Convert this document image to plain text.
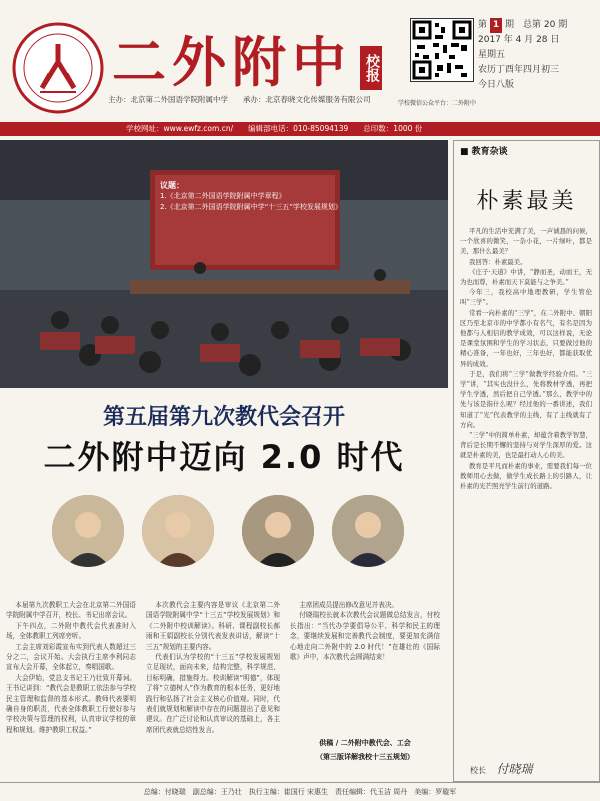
二外附中 校报
学校微信公众平台：二外附中
第 1 期　总第 20 期
2017 年 4 月 28 日
星期五
农历丁酉年四月初三
今日八版
主办：北京第二外国语学院附属中学　　承办：北京春晓文化传媒服务有限公司
学校网址：www.ewfz.com.cn/　　编辑部电话：010-85094139　　总印数：1000 份
议题：
1.《北京第二外国语学院附属中学章程》
2.《北京第二外国语学院附属中学“十三五”学校发展规划》
第五届第九次教代会召开
二外附中迈向 2.0 时代

本届第九次教职工大会在北京第二外国语学院附属中学召开，校长、书记出席会议。

下午四点，二外附中教代会代表准时入场，全体教职工列席旁听。

工会主席刘彩霞宣布实到代表人数超过三分之二，会议开始。大会执行主席李利同志宣布大会开幕，全体起立，奏唱国歌。

大会伊始，党总支书记王乃壮致开幕词。王书记讲到：“教代会是教职工依法参与学校民主管理和监督的基本形式。教师代表要明确自身的职责，代表全体教职工行使好参与学校决策与管理的权利，认真审议学校的章程和规划。维护教职工权益。”

本次教代会主要内容是审议《北京第二外国语学院附属中学“十三五”学校发展规划》和《二外附中校训解读》。科研、课程副校长郝雨和王娟副校长分别代表发表讲话，解读“十三五”规划的主要内容。

代表们认为学校的“十三五”学校发展规划立足现状，面向未来，结构完整，科学规范，目标明确，措施得力。校训解读“明德”，体现了将“立德树人”作为教育的根本任务，更好地践行和弘扬了社会主义核心价值观。同时，代表们就规划和解读中存在的问题提出了意见和建议。在广泛讨论和认真审议的基础上，各主席团代表就总结性发言。

主席团成员提出修改意见并表决。

付晓瑞校长就本次教代会议题做总结发言，付校长指出：“当代办学要倡导公平、科学和民主的理念，要继续发展和完善教代会制度，要更加充满信心地走向二外附中的 2.0 时代！”在雄壮的《国际歌》声中，本次教代会圆满结束！

供稿 / 二外附中教代会、工会
（第三版详解我校十三五规划）
■ 教育杂谈
朴素最美

平凡的生活中充满了美，一声诚恳的问候，一个欣喜的微笑，一杂小花，一片绿叶，都是美，那什么最美？

我回答：朴素最美。

《庄子·天道》中讲，“静而圣，动而王，无为也而尊，朴素而天下莫能与之争美。”

今年三，我校高中地理教研，学生管伦叫“三学”。

常看一向朴素的“三学”，在二外附中、朝阳区乃至北京市的中学都小有名气，有名是因为他都与人相信的教学成效，可以这样说，无论是课堂氛围和学生的学习状态，只要做过他的精心准备，一年也好，三年也好，都能获取优异的成效。

于是，我们将“三学”做教学经验介绍。“三学”讲，“其实也没什么，先将教材学透，再把学生学透，然后把自己学透。”那么，教学中的先与该是指什么呢？经过他的一番讲述，我们知道了“光”代表教学的主线，有了主线就有了方向。

“三学”中的简单朴素，却蕴含着教学智慧，背后是长期不懈的坚持与对学生深厚的爱。这就是朴素的美，也是最打动人心的美。

教育是平凡而朴素的事业，需要我们每一位教师用心去做，做学生成长路上的引路人，让朴素的光芒照亮学生前行的道路。

校长 付晓瑞
总编：付晓瑞　副总编：王乃壮　执行主编：崔国行 宋惠生　责任编辑：代玉洁 周丹　美编：罗璇军
